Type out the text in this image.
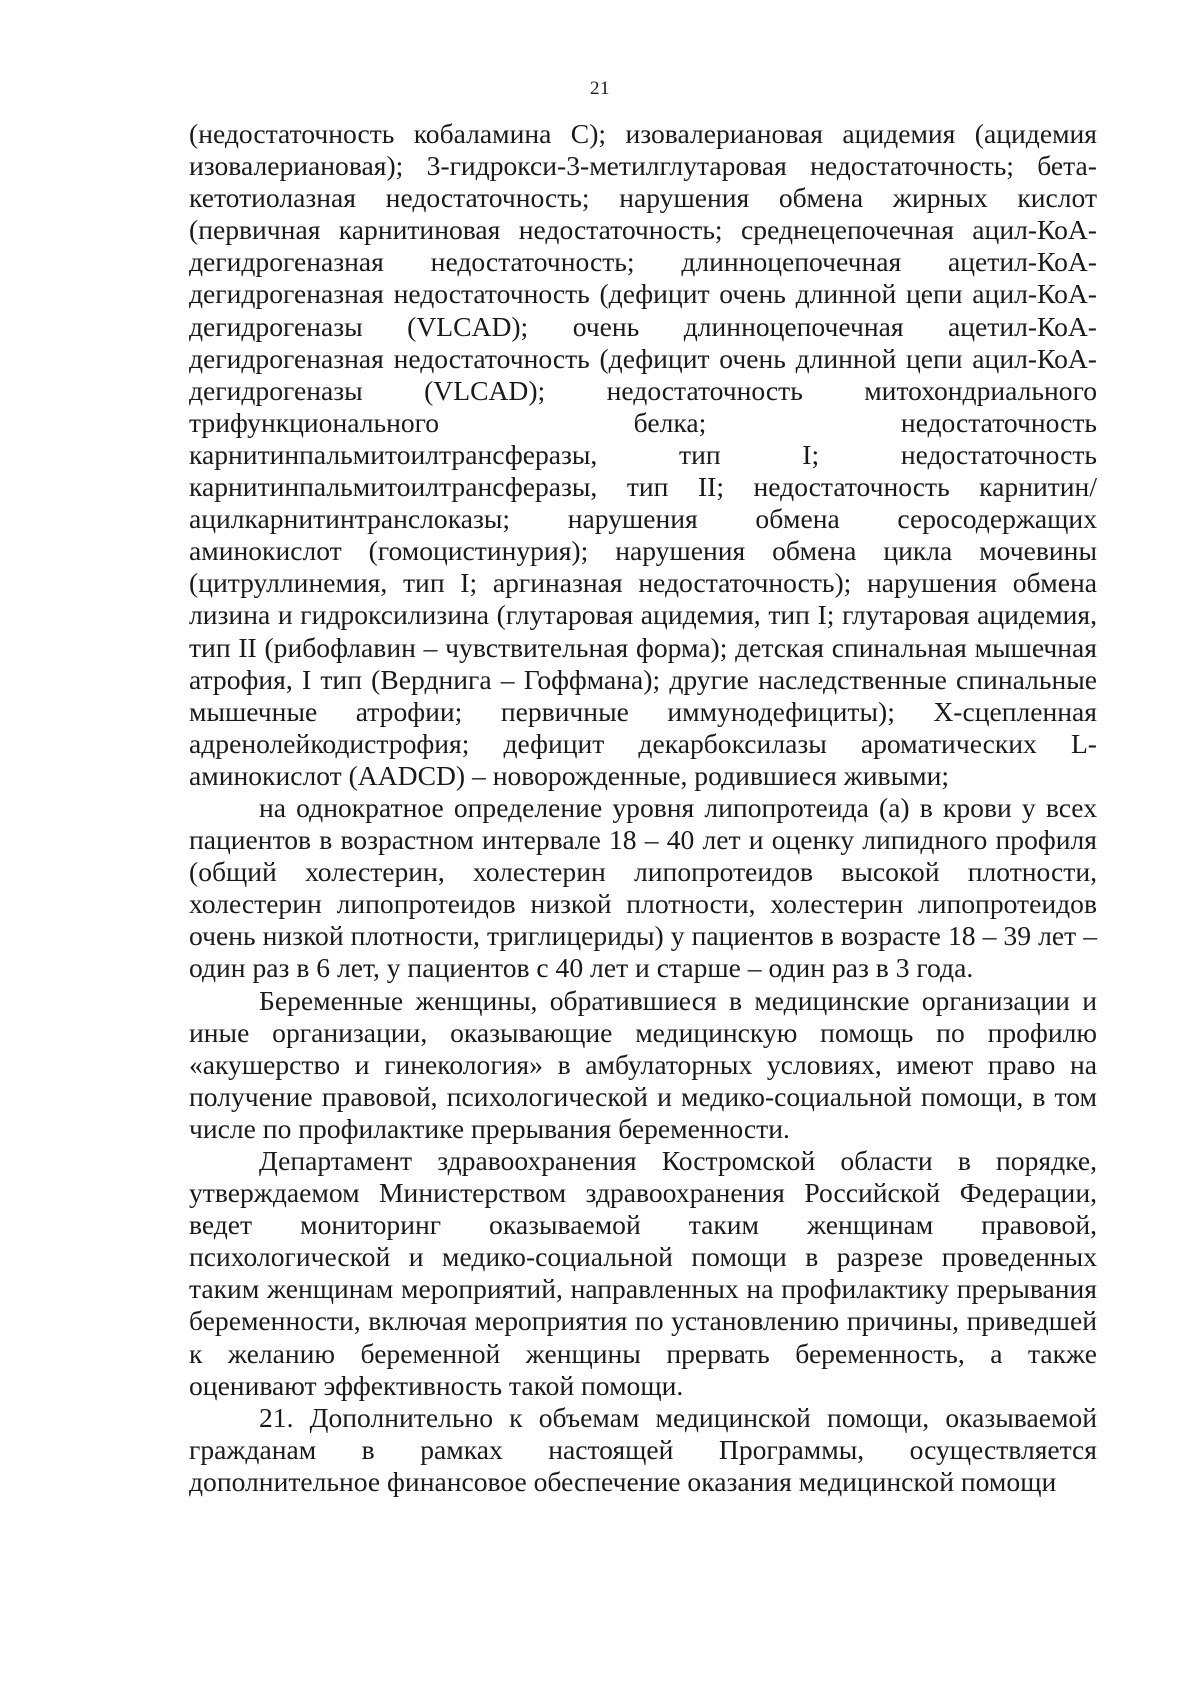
21

(недостаточность кобаламина С); изовалериановая ацидемия (ацидемия изовалериановая); 3-гидрокси-3-метилглутаровая недостаточность; бета-кетотиолазная недостаточность; нарушения обмена жирных кислот (первичная карнитиновая недостаточность; среднецепочечная ацил-КоА-дегидрогеназная недостаточность; длинноцепочечная ацетил-КоА-дегидрогеназная недостаточность (дефицит очень длинной цепи ацил-КоА-дегидрогеназы (VLCAD); очень длинноцепочечная ацетил-КоА-дегидрогеназная недостаточность (дефицит очень длинной цепи ацил-КоА-дегидрогеназы (VLCAD); недостаточность митохондриального трифункционального белка; недостаточность карнитинпальмитоилтрансферазы, тип I; недостаточность карнитинпальмитоилтрансферазы, тип II; недостаточность карнитин/ацилкарнитинтранслоказы; нарушения обмена серосодержащих аминокислот (гомоцистинурия); нарушения обмена цикла мочевины (цитруллинемия, тип I; аргиназная недостаточность); нарушения обмена лизина и гидроксилизина (глутаровая ацидемия, тип I; глутаровая ацидемия, тип II (рибофлавин – чувствительная форма); детская спинальная мышечная атрофия, I тип (Верднига – Гоффмана); другие наследственные спинальные мышечные атрофии; первичные иммунодефициты); Х-сцепленная адренолейкодистрофия; дефицит декарбоксилазы ароматических L-аминокислот (AADCD) – новорожденные, родившиеся живыми;

на однократное определение уровня липопротеида (а) в крови у всех пациентов в возрастном интервале 18 – 40 лет и оценку липидного профиля (общий холестерин, холестерин липопротеидов высокой плотности, холестерин липопротеидов низкой плотности, холестерин липопротеидов очень низкой плотности, триглицериды) у пациентов в возрасте 18 – 39 лет – один раз в 6 лет, у пациентов с 40 лет и старше – один раз в 3 года.

Беременные женщины, обратившиеся в медицинские организации и иные организации, оказывающие медицинскую помощь по профилю «акушерство и гинекология» в амбулаторных условиях, имеют право на получение правовой, психологической и медико-социальной помощи, в том числе по профилактике прерывания беременности.

Департамент здравоохранения Костромской области в порядке, утверждаемом Министерством здравоохранения Российской Федерации, ведет мониторинг оказываемой таким женщинам правовой, психологической и медико-социальной помощи в разрезе проведенных таким женщинам мероприятий, направленных на профилактику прерывания беременности, включая мероприятия по установлению причины, приведшей к желанию беременной женщины прервать беременность, а также оценивают эффективность такой помощи.

21. Дополнительно к объемам медицинской помощи, оказываемой гражданам в рамках настоящей Программы, осуществляется дополнительное финансовое обеспечение оказания медицинской помощи
